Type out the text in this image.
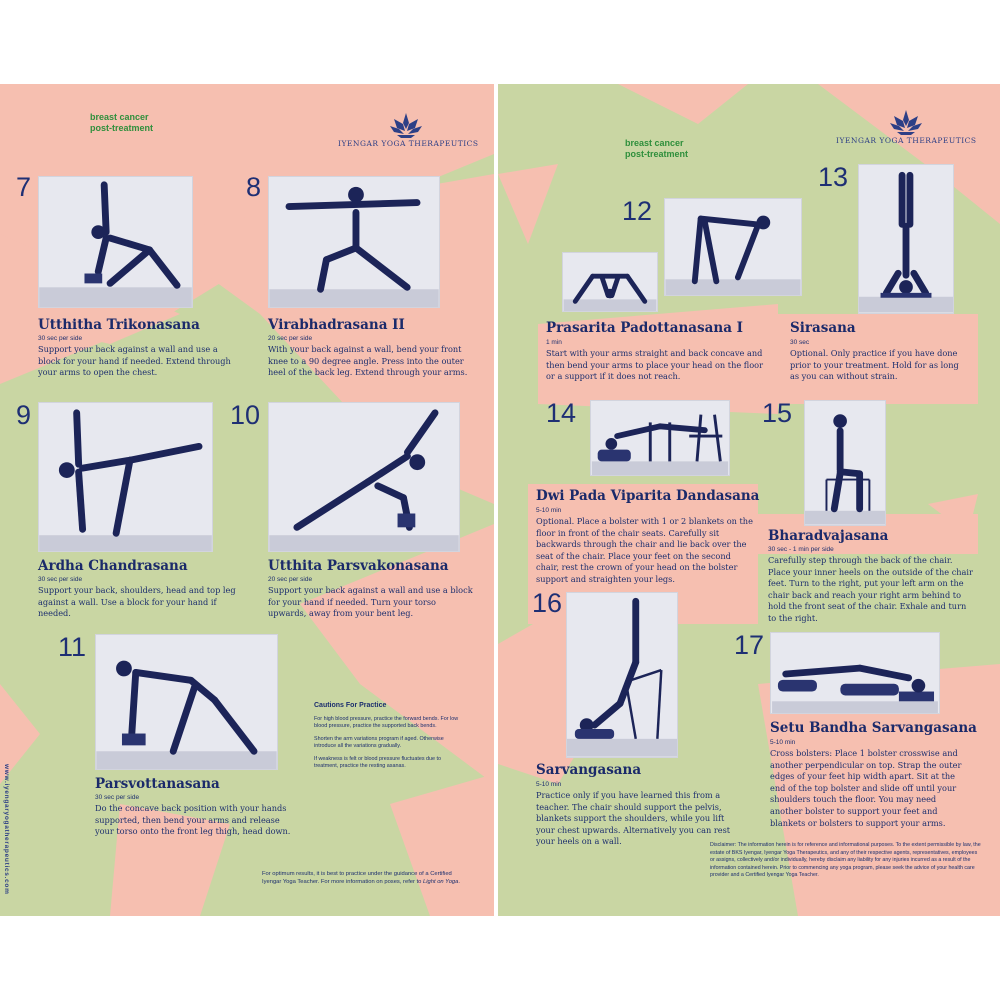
breast cancer
post-treatment
IYENGAR YOGA THERAPEUTICS
7
Utthitha Trikonasana
30 sec per side
Support your back against a wall and use a block for your hand if needed. Extend through your arms to open the chest.
8
Virabhadrasana II
20 sec per side
With your back against a wall, bend your front knee to a 90 degree angle. Press into the outer heel of the back leg. Extend through your arms.
9
Ardha Chandrasana
30 sec per side
Support your back, shoulders, head and top leg against a wall. Use a block for your hand if needed.
10
Utthita Parsvakonasana
20 sec per side
Support your back against a wall and use a block for your hand if needed. Turn your torso upwards, away from your bent leg.
11
Parsvottanasana
30 sec per side
Do the concave back position with your hands supported, then bend your arms and release your torso onto the front leg thigh, head down.
Cautions For Practice
For high blood pressure, practice the forward bends. For low blood pressure, practice the supported back bends.
Shorten the arm variations program if aged. Otherwise introduce all the variations gradually.
If weakness is felt or blood pressure fluctuates due to treatment, practice the resting asanas.
For optimum results, it is best to practice under the guidance of a Certified Iyengar Yoga Teacher. For more information on poses, refer to Light on Yoga.
www.iyengaryogatherapeutics.com
breast cancer
post-treatment
IYENGAR YOGA THERAPEUTICS
12
Prasarita Padottanasana I
1 min
Start with your arms straight and back concave and then bend your arms to place your head on the floor or a support if it does not reach.
13
Sirasana
30 sec
Optional. Only practice if you have done prior to your treatment. Hold for as long as you can without strain.
14
Dwi Pada Viparita Dandasana
5-10 min
Optional. Place a bolster with 1 or 2 blankets on the floor in front of the chair seats. Carefully sit backwards through the chair and lie back over the seat of the chair. Place your feet on the second chair, rest the crown of your head on the bolster support and straighten your legs.
15
Bharadvajasana
30 sec - 1 min per side
Carefully step through the back of the chair. Place your inner heels on the outside of the chair feet. Turn to the right, put your left arm on the chair back and reach your right arm behind to hold the front seat of the chair. Exhale and turn to the right.
16
Sarvangasana
5-10 min
Practice only if you have learned this from a teacher. The chair should support the pelvis, blankets support the shoulders, while you lift your chest upwards. Alternatively you can rest your heels on a wall.
17
Setu Bandha Sarvangasana
5-10 min
Cross bolsters: Place 1 bolster crosswise and another perpendicular on top. Strap the outer edges of your feet hip width apart. Sit at the end of the top bolster and slide off until your shoulders touch the floor. You may need another bolster to support your feet and blankets or bolsters to support your arms.
Disclaimer: The information herein is for reference and informational purposes. To the extent permissible by law, the estate of BKS Iyengar, Iyengar Yoga Therapeutics, and any of their respective agents, representatives, employees or assigns, collectively and/or individually, hereby disclaim any liability for any injuries incurred as a result of the information contained herein. Prior to commencing any yoga program, please seek the advice of your health care provider and a Certified Iyengar Yoga Teacher.
